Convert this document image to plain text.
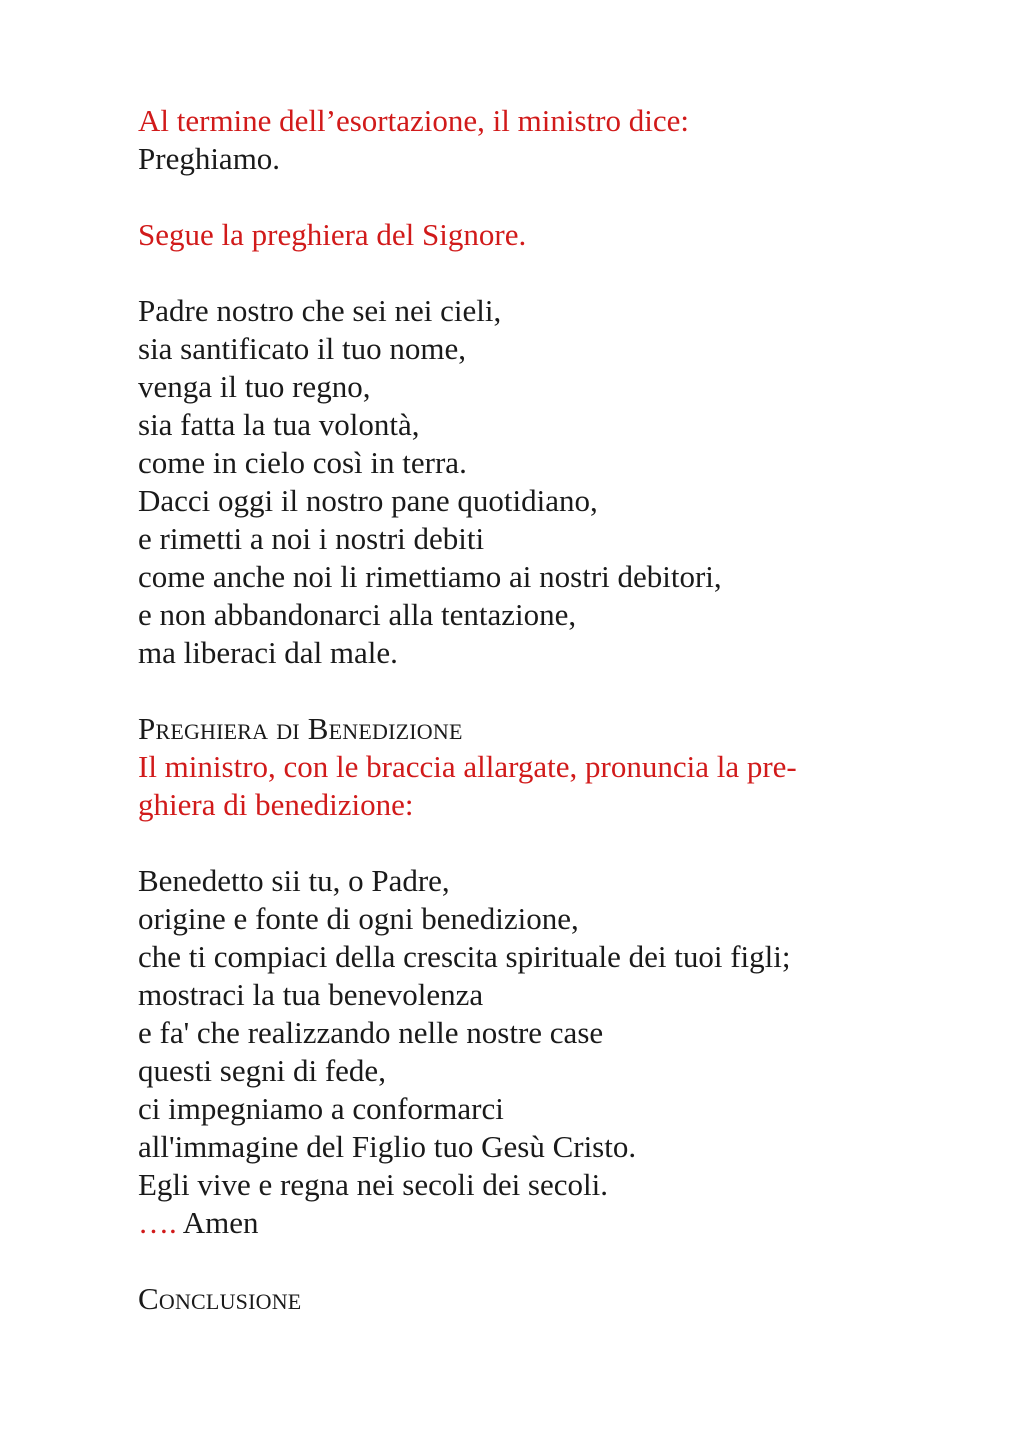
Al termine dell’esortazione, il ministro dice:
Preghiamo.
Segue la preghiera del Signore.
Padre nostro che sei nei cieli,
sia santificato il tuo nome,
venga il tuo regno,
sia fatta la tua volontà,
come in cielo così in terra.
Dacci oggi il nostro pane quotidiano,
e rimetti a noi i nostri debiti
come anche noi li rimettiamo ai nostri debitori,
e non abbandonarci alla tentazione,
ma liberaci dal male.
Preghiera di Benedizione
Il ministro, con le braccia allargate, pronuncia la pre-
ghiera di benedizione:
Benedetto sii tu, o Padre,
origine e fonte di ogni benedizione,
che ti compiaci della crescita spirituale dei tuoi figli;
mostraci la tua benevolenza
e fa' che realizzando nelle nostre case
questi segni di fede,
ci impegniamo a conformarci
all'immagine del Figlio tuo Gesù Cristo.
Egli vive e regna nei secoli dei secoli.
…. Amen
Conclusione
